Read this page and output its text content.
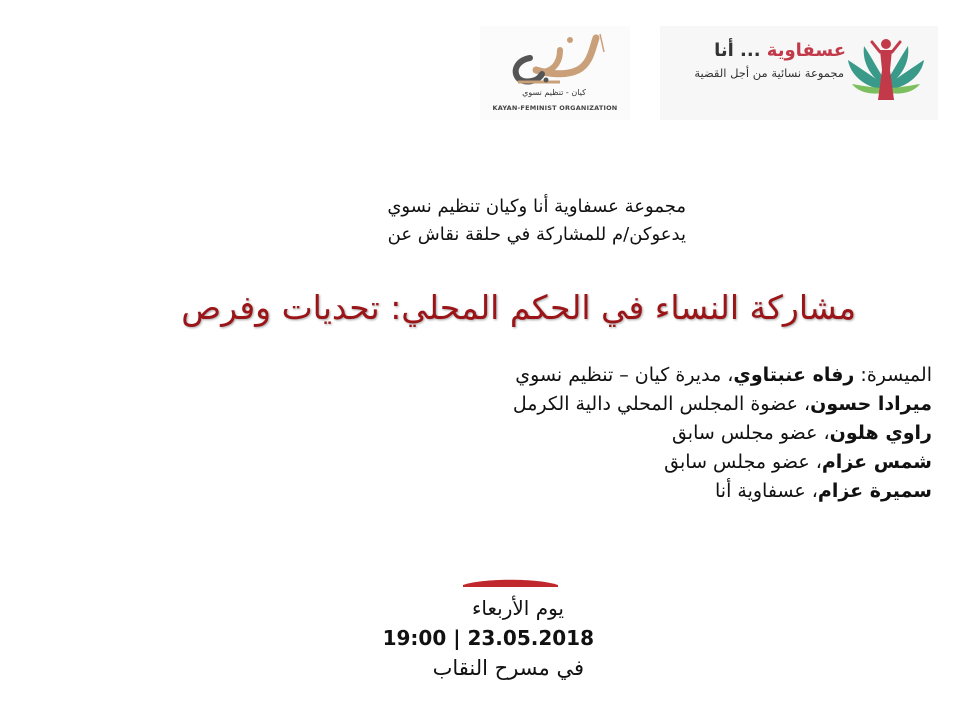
كيان - تنظيم نسوي
KAYAN-FEMINIST ORGANIZATION
عسفاوية ... أنا
مجموعة نسائية من أجل القضية
مجموعة عسفاوية أنا وكيان تنظيم نسوي
يدعوكن/م للمشاركة في حلقة نقاش عن
مشاركة النساء في الحكم المحلي: تحديات وفرص
الميسرة: رفاه عنبتاوي، مديرة كيان – تنظيم نسوي
ميرادا حسون، عضوة المجلس المحلي دالية الكرمل
راوي هلون، عضو مجلس سابق
شمس عزام، عضو مجلس سابق
سميرة عزام، عسفاوية أنا
يوم الأربعاء
19:00 | 23.05.2018
في مسرح النقاب
